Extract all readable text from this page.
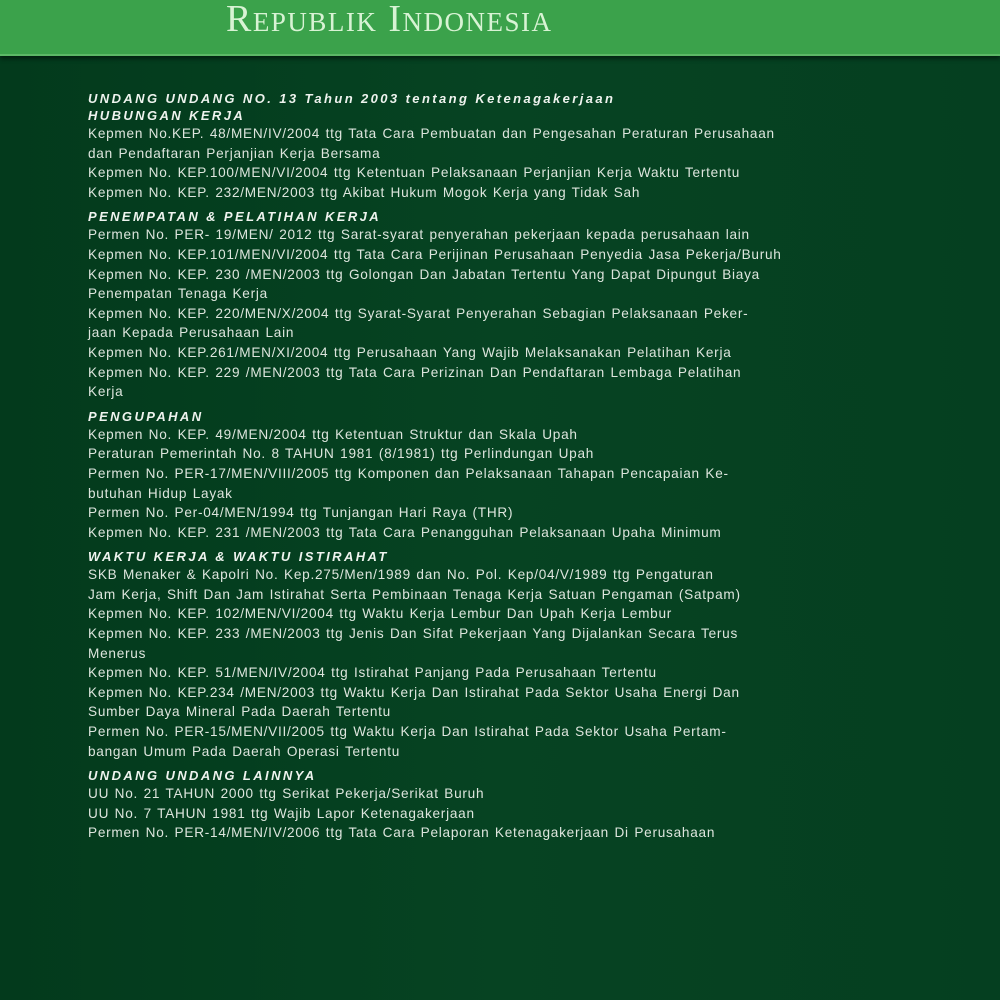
Republik Indonesia
UNDANG UNDANG NO. 13 Tahun 2003 tentang Ketenagakerjaan
HUBUNGAN KERJA
Kepmen No.KEP. 48/MEN/IV/2004 ttg Tata Cara Pembuatan dan Pengesahan Peraturan Perusahaan
dan Pendaftaran Perjanjian Kerja Bersama
Kepmen No. KEP.100/MEN/VI/2004 ttg Ketentuan Pelaksanaan Perjanjian Kerja Waktu Tertentu
Kepmen No. KEP. 232/MEN/2003 ttg Akibat Hukum Mogok Kerja yang Tidak Sah
PENEMPATAN & PELATIHAN KERJA
Permen No. PER- 19/MEN/ 2012 ttg Sarat-syarat penyerahan pekerjaan kepada perusahaan lain
Kepmen No. KEP.101/MEN/VI/2004 ttg Tata Cara Perijinan Perusahaan Penyedia Jasa Pekerja/Buruh
Kepmen No. KEP. 230 /MEN/2003 ttg Golongan Dan Jabatan Tertentu Yang Dapat Dipungut Biaya
Penempatan Tenaga Kerja
Kepmen No. KEP. 220/MEN/X/2004 ttg Syarat-Syarat Penyerahan Sebagian Pelaksanaan Peker-
jaan Kepada Perusahaan Lain
Kepmen No. KEP.261/MEN/XI/2004 ttg Perusahaan Yang Wajib Melaksanakan Pelatihan Kerja
Kepmen No. KEP. 229 /MEN/2003 ttg Tata Cara Perizinan Dan Pendaftaran Lembaga Pelatihan
Kerja
PENGUPAHAN
Kepmen No. KEP. 49/MEN/2004 ttg Ketentuan Struktur dan Skala Upah
Peraturan Pemerintah No. 8 TAHUN 1981 (8/1981) ttg Perlindungan Upah
Permen No. PER-17/MEN/VIII/2005 ttg Komponen dan Pelaksanaan Tahapan Pencapaian Ke-
butuhan Hidup Layak
Permen No. Per-04/MEN/1994 ttg Tunjangan Hari Raya (THR)
Kepmen No. KEP. 231 /MEN/2003 ttg Tata Cara Penangguhan Pelaksanaan Upaha Minimum
WAKTU KERJA & WAKTU ISTIRAHAT
SKB Menaker & Kapolri No. Kep.275/Men/1989 dan No. Pol. Kep/04/V/1989 ttg Pengaturan
Jam Kerja, Shift Dan Jam Istirahat Serta Pembinaan Tenaga Kerja Satuan Pengaman (Satpam)
Kepmen No. KEP. 102/MEN/VI/2004 ttg Waktu Kerja Lembur Dan Upah Kerja Lembur
Kepmen No. KEP. 233 /MEN/2003 ttg Jenis Dan Sifat Pekerjaan Yang Dijalankan Secara Terus
Menerus
Kepmen No. KEP. 51/MEN/IV/2004 ttg Istirahat Panjang Pada Perusahaan Tertentu
Kepmen No. KEP.234 /MEN/2003 ttg Waktu Kerja Dan Istirahat Pada Sektor Usaha Energi Dan
Sumber Daya Mineral Pada Daerah Tertentu
Permen No. PER-15/MEN/VII/2005 ttg Waktu Kerja Dan Istirahat Pada Sektor Usaha Pertam-
bangan Umum Pada Daerah Operasi Tertentu
UNDANG UNDANG LAINNYA
UU No. 21 TAHUN 2000 ttg Serikat Pekerja/Serikat Buruh
UU No. 7 TAHUN 1981 ttg Wajib Lapor Ketenagakerjaan
Permen No. PER-14/MEN/IV/2006 ttg Tata Cara Pelaporan Ketenagakerjaan Di Perusahaan
